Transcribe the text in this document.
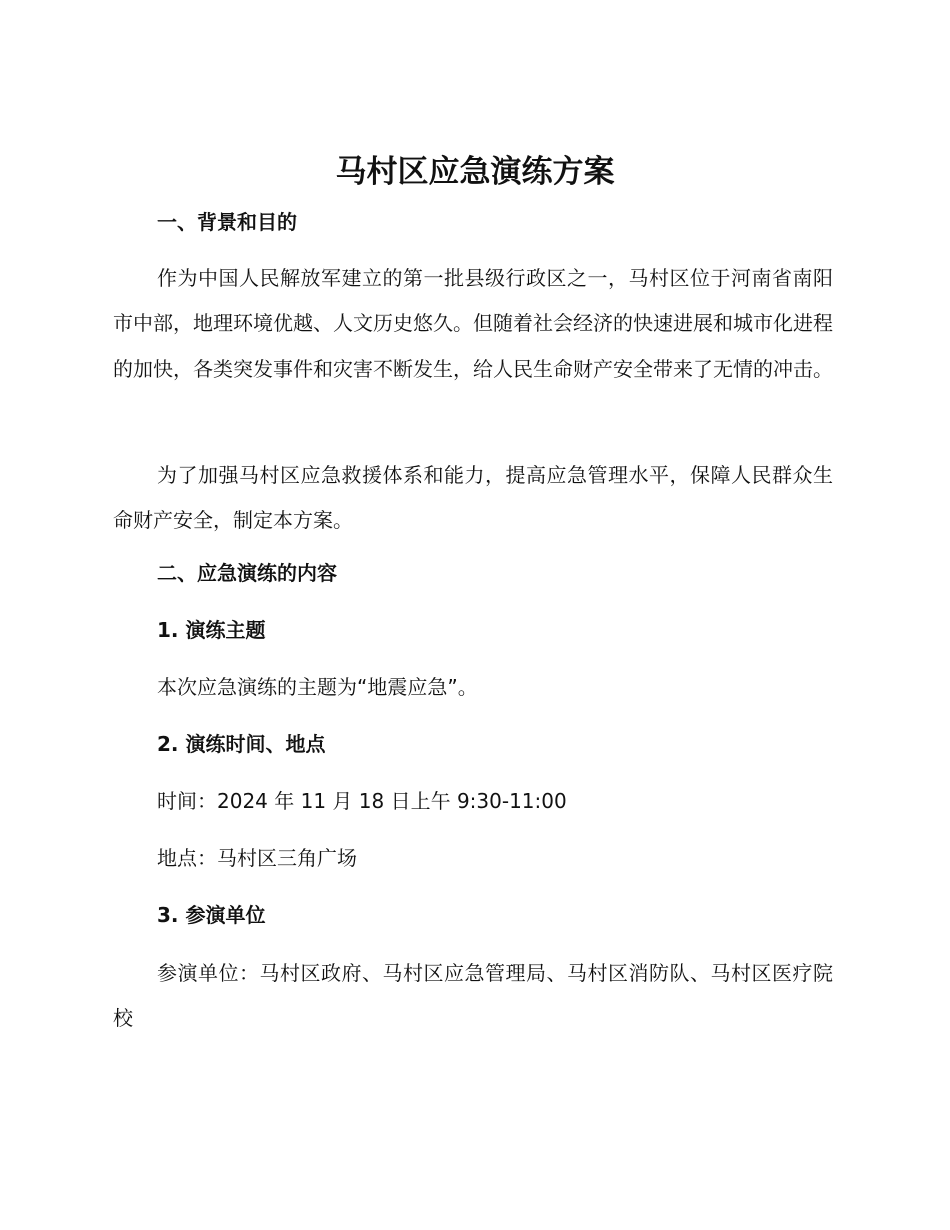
马村区应急演练方案
一、背景和目的

作为中国人民解放军建立的第一批县级行政区之一，马村区位于河南省南阳市中部，地理环境优越、人文历史悠久。但随着社会经济的快速进展和城市化进程的加快，各类突发事件和灾害不断发生，给人民生命财产安全带来了无情的冲击。

为了加强马村区应急救援体系和能力，提高应急管理水平，保障人民群众生命财产安全，制定本方案。

二、应急演练的内容
1. 演练主题

本次应急演练的主题为“地震应急”。

2. 演练时间、地点

时间：2024 年 11 月 18 日上午 9:30-11:00

地点：马村区三角广场

3. 参演单位

参演单位：马村区政府、马村区应急管理局、马村区消防队、马村区医疗院校
